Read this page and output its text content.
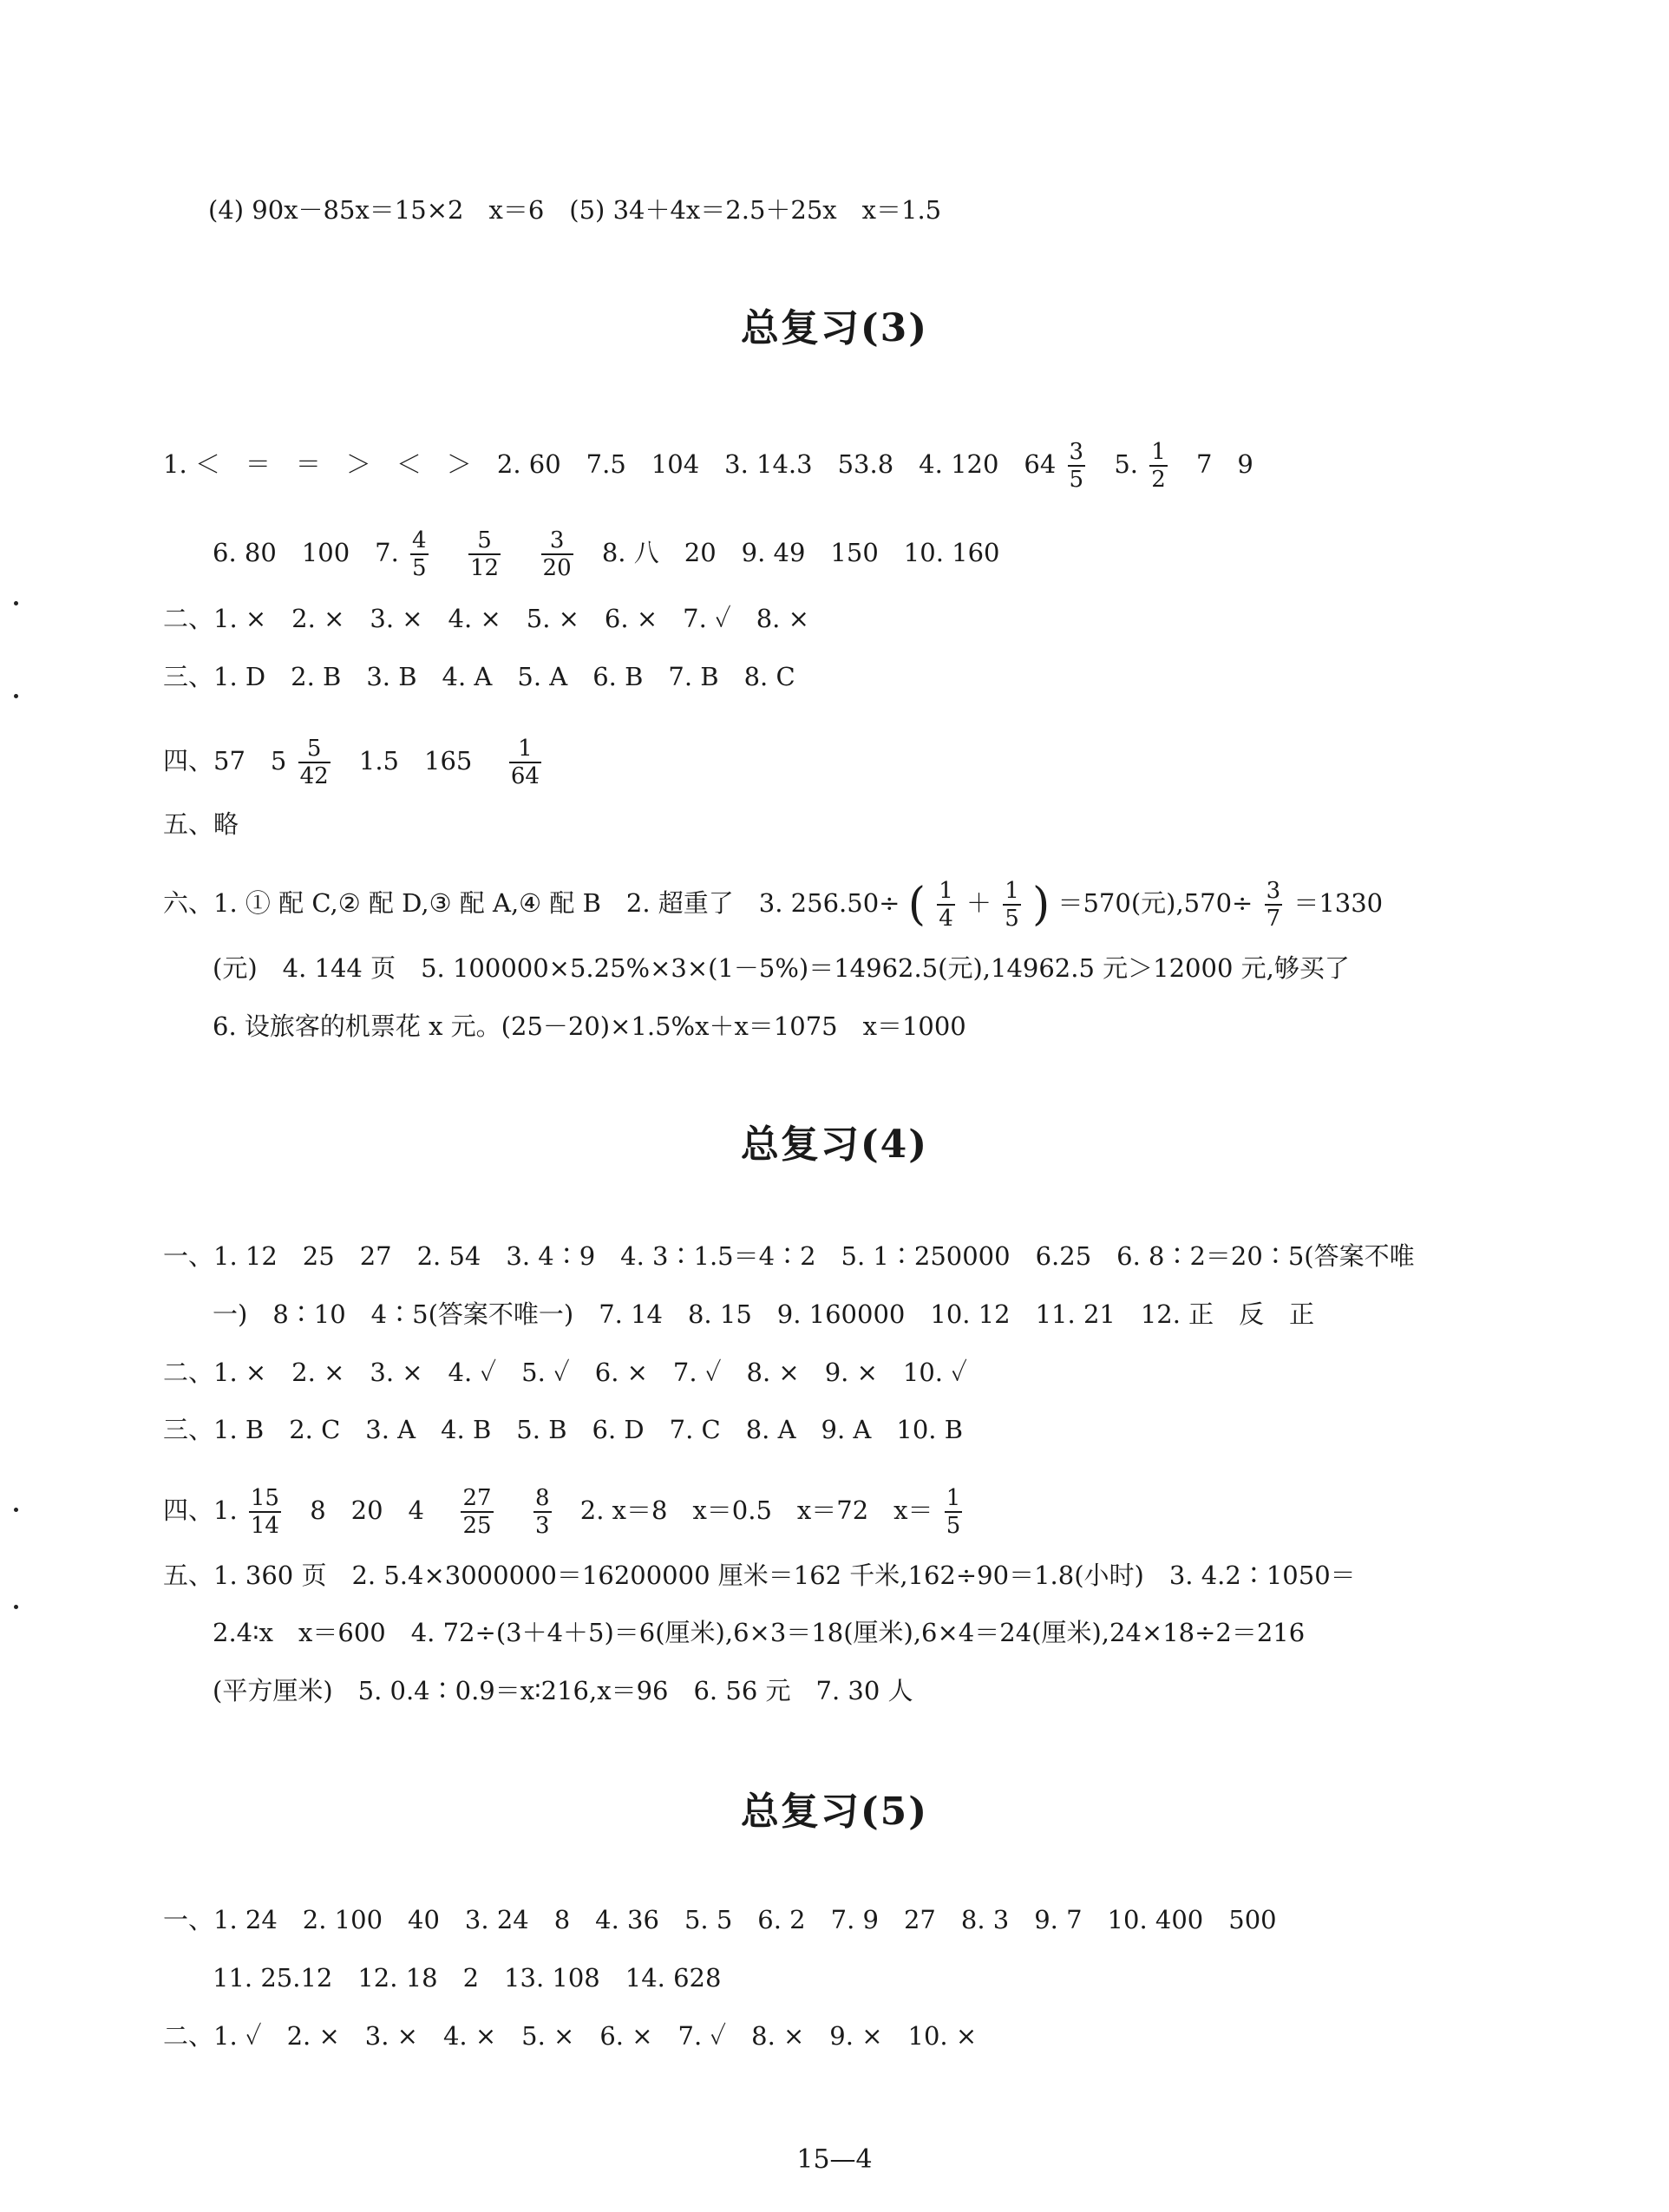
(4) 90x－85x＝15×2　x＝6　(5) 34＋4x＝2.5＋25x　x＝1.5
总复习(3)
1. ＜　＝　＝　＞　＜　＞　2. 60　7.5　104　3. 14.3　53.8　4. 120　$64 \frac{3}{5} 5$. $\frac{1}{2} 7$　9
6. 80　100　7. $\frac{4}{5}$
$\frac{5}{12}$
$\frac{3}{20} 8$. 八　20　9. 49　150　10. 160
二、1. ×　2. ×　3. ×　4. ×　5. ×　6. ×　7. ✓　8. ×
三、1. D　2. B　3. B　4. A　5. A　6. B　7. B　8. C
四、57　$5 \frac{5}{42} 1.5$　$165 \frac{1}{64}$
五、略
六、1. ① 配 C,② 配 D,③ 配 A,④ 配 B　2. 超重了　3. 256.50÷ ( $\frac{1}{4} + \frac{1}{5}$ ) ＝570(元)$,570\div \frac{3}{7} =1330$
(元)　4. 144 页　5. 100000×5.25%×3×(1－5%)＝14962.5(元),14962.5 元＞12000 元,够买了
6. 设旅客的机票花 x 元。(25－20)×1.5%x＋x＝1075　x＝1000
总复习(4)
一、1. 12　25　27　2. 54　3. 4∶9　4. 3∶1.5＝4∶2　5. 1∶250000　6.25　6. 8∶2＝20∶5(答案不唯
一)　8∶10　4∶5(答案不唯一)　7. 14　8. 15　9. 160000　10. 12　11. 21　12. 正　反　正
二、1. ×　2. ×　3. ×　4. ✓　5. ✓　6. ×　7. ✓　8. ×　9. ×　10. ✓
三、1. B　2. C　3. A　4. B　5. B　6. D　7. C　8. A　9. A　10. B
四、1. $\frac{15}{14} 8$　20　$4 \frac{27}{25}$
$\frac{8}{3} 2$. x＝8　x＝0.5　x＝72　$x= \frac{1}{5}$
五、1. 360 页　2. 5.4×3000000＝16200000 厘米＝162 千米,162÷90＝1.8(小时)　3. 4.2∶1050＝
2.4∶x　x＝600　4. 72÷(3＋4＋5)＝6(厘米),6×3＝18(厘米),6×4＝24(厘米),24×18÷2＝216
(平方厘米)　5. 0.4∶0.9＝x∶216,x＝96　6. 56 元　7. 30 人
总复习(5)
一、1. 24　2. 100　40　3. 24　8　4. 36　5. 5　6. 2　7. 9　27　8. 3　9. 7　10. 400　500
11. 25.12　12. 18　2　13. 108　14. 628
二、1. ✓　2. ×　3. ×　4. ×　5. ×　6. ×　7. ✓　8. ×　9. ×　10. ×
15—4
